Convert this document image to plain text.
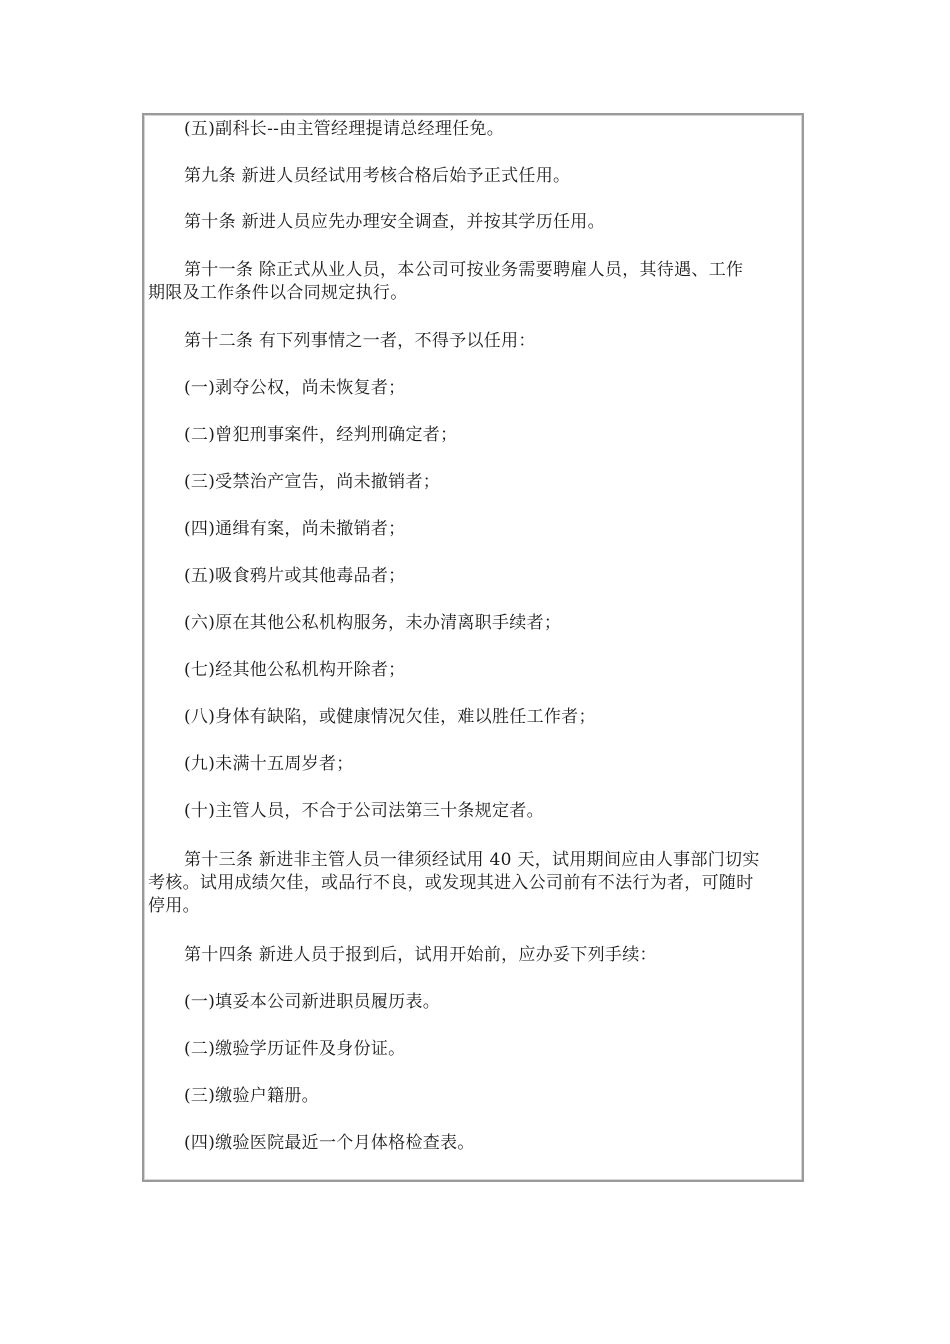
(五)副科长--由主管经理提请总经理任免。
第九条 新进人员经试用考核合格后始予正式任用。
第十条 新进人员应先办理安全调查，并按其学历任用。
第十一条 除正式从业人员，本公司可按业务需要聘雇人员，其待遇、工作
期限及工作条件以合同规定执行。
第十二条 有下列事情之一者，不得予以任用：
(一)剥夺公权，尚未恢复者；
(二)曾犯刑事案件，经判刑确定者；
(三)受禁治产宣告，尚未撤销者；
(四)通缉有案，尚未撤销者；
(五)吸食鸦片或其他毒品者；
(六)原在其他公私机构服务，未办清离职手续者；
(七)经其他公私机构开除者；
(八)身体有缺陷，或健康情况欠佳，难以胜任工作者；
(九)未满十五周岁者；
(十)主管人员，不合于公司法第三十条规定者。
第十三条 新进非主管人员一律须经试用 40 天，试用期间应由人事部门切实
考核。试用成绩欠佳，或品行不良，或发现其进入公司前有不法行为者，可随时
停用。
第十四条 新进人员于报到后，试用开始前，应办妥下列手续：
(一)填妥本公司新进职员履历表。
(二)缴验学历证件及身份证。
(三)缴验户籍册。
(四)缴验医院最近一个月体格检查表。
